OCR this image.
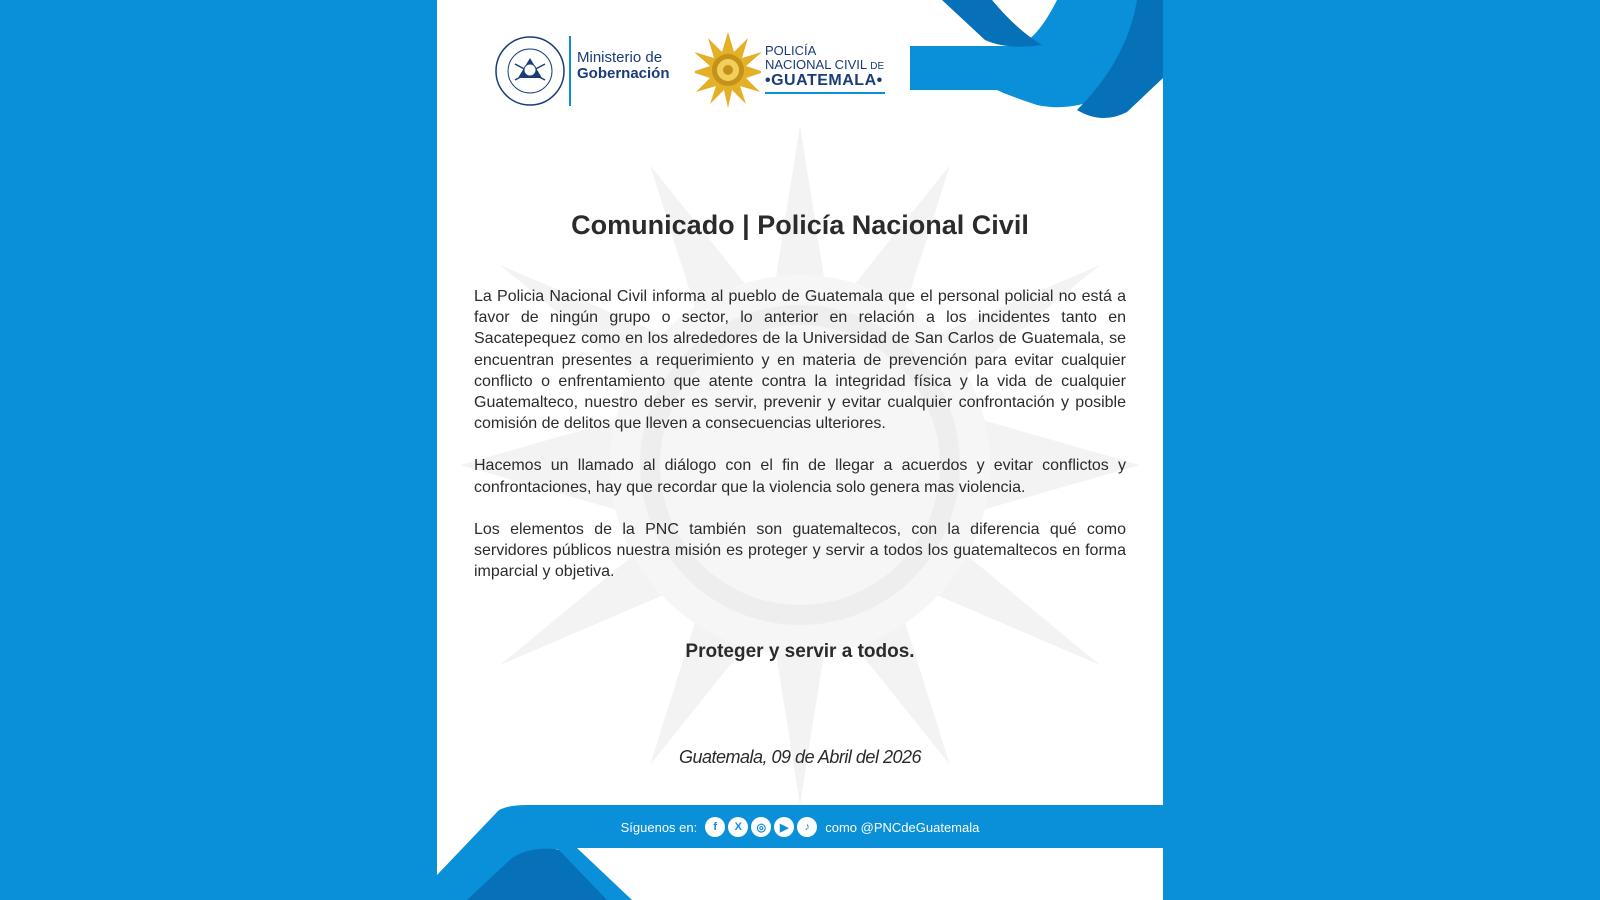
Ministerio de
Gobernación
POLICÍA
NACIONAL CIVIL DE
•GUATEMALA•
Comunicado | Policía Nacional Civil

La Policia Nacional Civil informa al pueblo de Guatemala que el personal policial no está a favor de ningún grupo o sector, lo anterior en relación a los incidentes tanto en Sacatepequez como en los alrededores de la Universidad de San Carlos de Guatemala, se encuentran presentes a requerimiento y en materia de prevención para evitar cualquier conflicto o enfrentamiento que atente contra la integridad física y la vida de cualquier Guatemalteco, nuestro deber es servir, prevenir y evitar cualquier confrontación y posible comisión de delitos que lleven a consecuencias ulteriores.

Hacemos un llamado al diálogo con el fin de llegar a acuerdos y evitar conflictos y confrontaciones, hay que recordar que la violencia solo genera mas violencia.

Los elementos de la PNC también son guatemaltecos, con la diferencia qué como servidores públicos nuestra misión es proteger y servir a todos los guatemaltecos en forma imparcial y objetiva.

Proteger y servir a todos.
Guatemala, 09 de Abril del 2026
Síguenos en:	f	X	◎	▶	♪	como @PNCdeGuatemala
